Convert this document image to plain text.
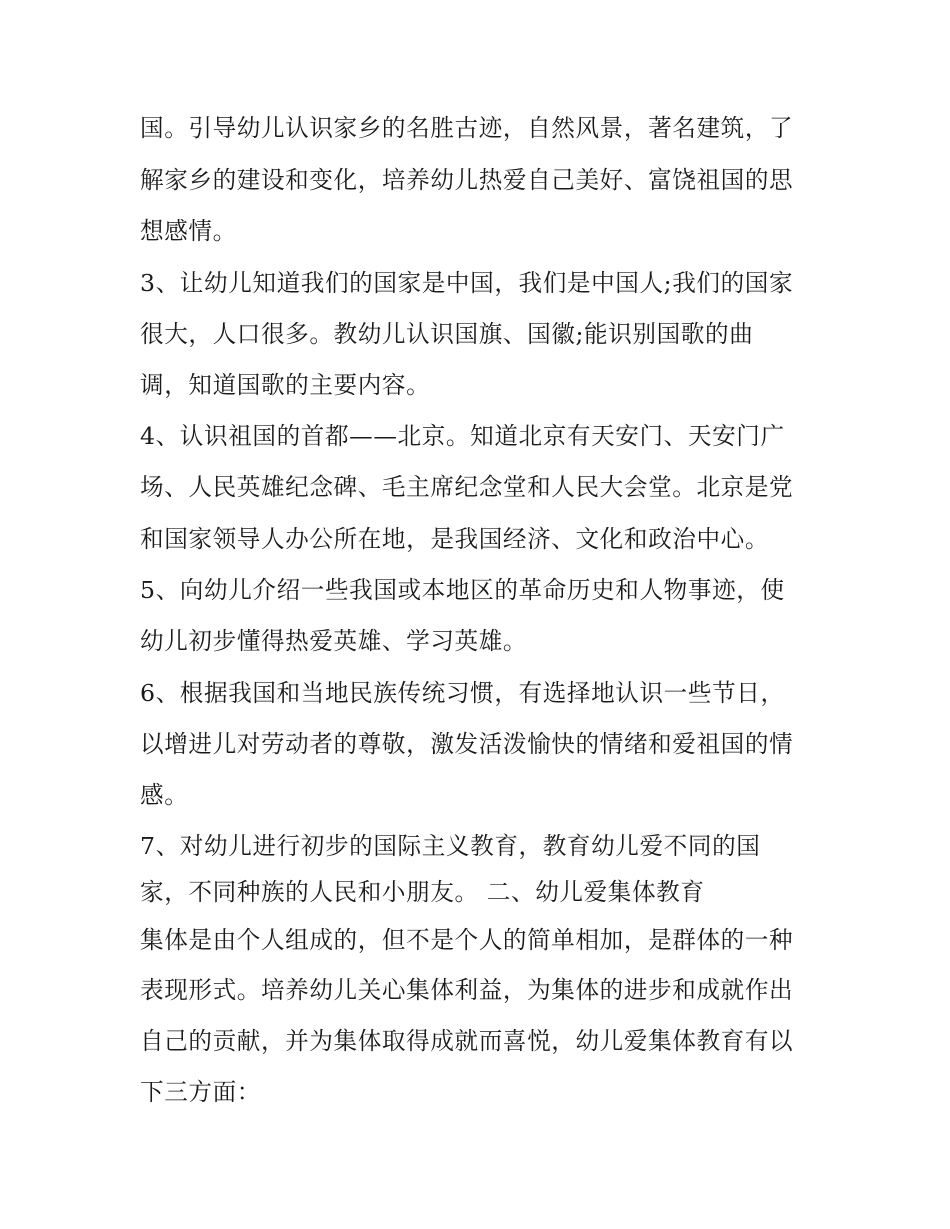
国。引导幼儿认识家乡的名胜古迹，自然风景，著名建筑，了
解家乡的建设和变化，培养幼儿热爱自己美好、富饶祖国的思
想感情。
3、让幼儿知道我们的国家是中国，我们是中国人;我们的国家
很大，人口很多。教幼儿认识国旗、国徽;能识别国歌的曲
调，知道国歌的主要内容。
4、认识祖国的首都——北京。知道北京有天安门、天安门广
场、人民英雄纪念碑、毛主席纪念堂和人民大会堂。北京是党
和国家领导人办公所在地，是我国经济、文化和政治中心。
5、向幼儿介绍一些我国或本地区的革命历史和人物事迹，使
幼儿初步懂得热爱英雄、学习英雄。
6、根据我国和当地民族传统习惯，有选择地认识一些节日，
以增进儿对劳动者的尊敬，激发活泼愉快的情绪和爱祖国的情
感。
7、对幼儿进行初步的国际主义教育，教育幼儿爱不同的国
家，不同种族的人民和小朋友。 二、幼儿爱集体教育
集体是由个人组成的，但不是个人的简单相加，是群体的一种
表现形式。培养幼儿关心集体利益，为集体的进步和成就作出
自己的贡献，并为集体取得成就而喜悦，幼儿爱集体教育有以
下三方面：
